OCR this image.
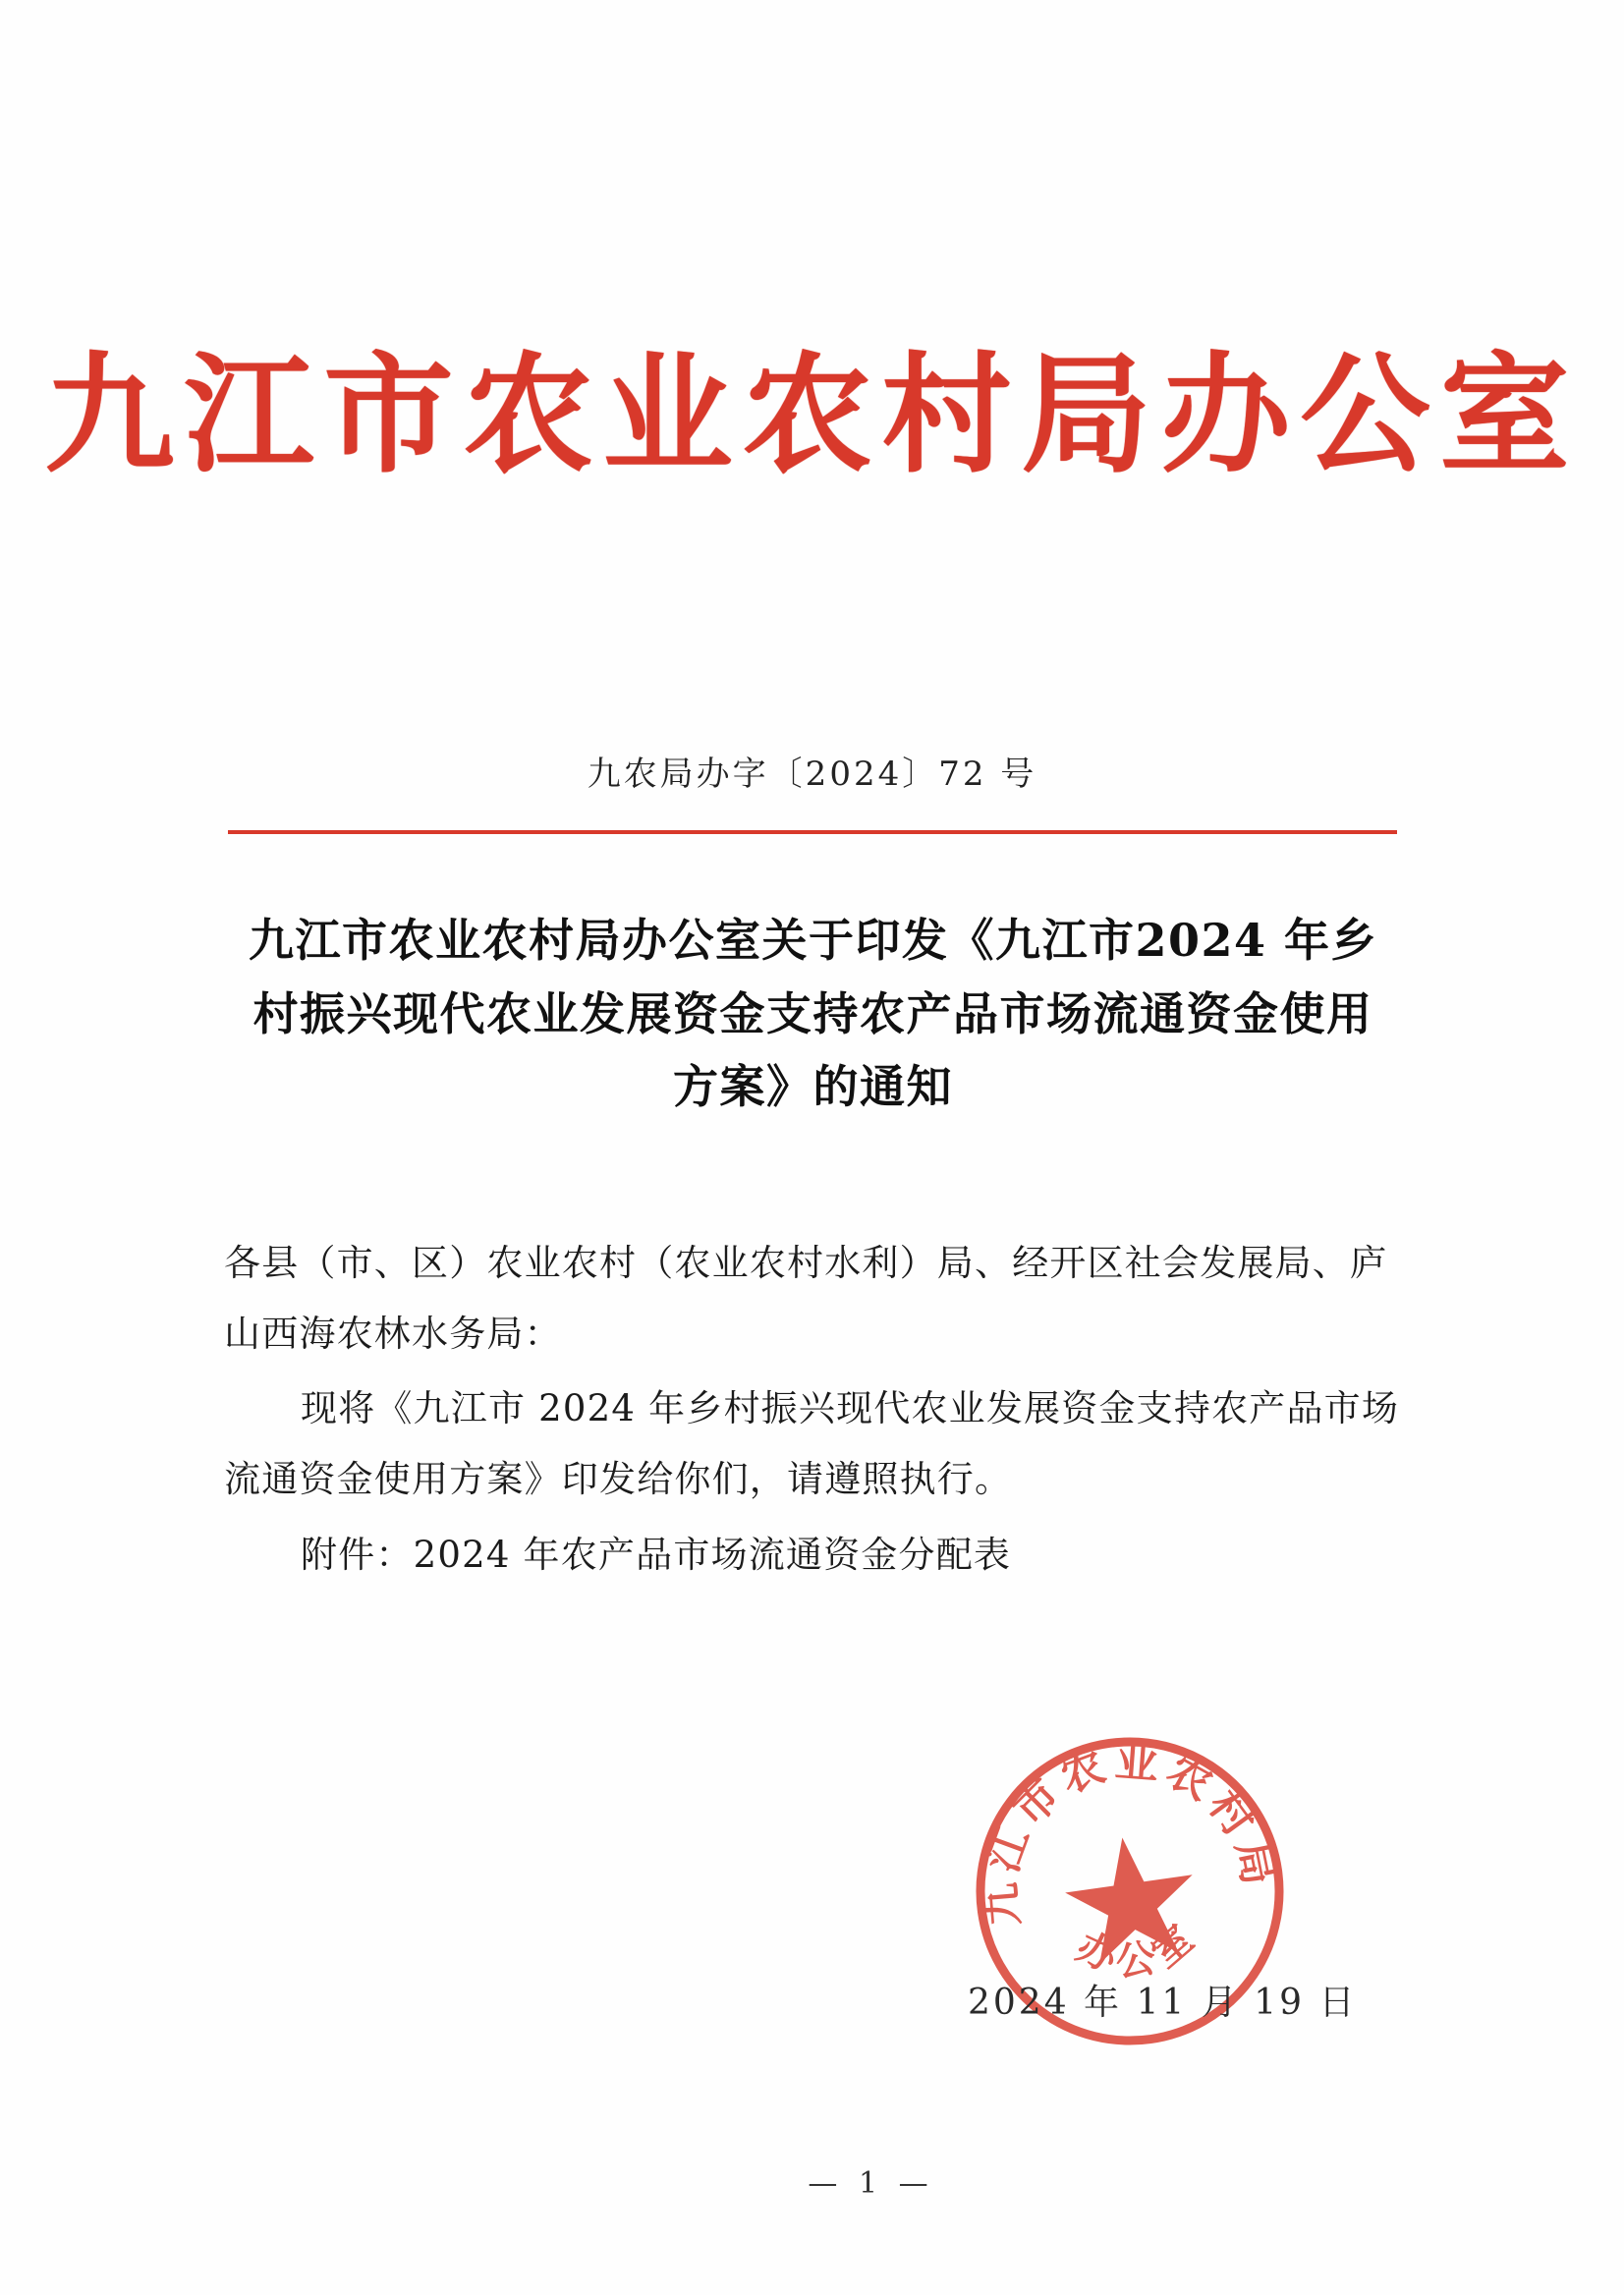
九江市农业农村局办公室
九农局办字〔2024〕72 号
九江市农业农村局办公室关于印发《九江市2024 年乡村振兴现代农业发展资金支持农产品市场流通资金使用方案》的通知

各县（市、区）农业农村（农业农村水利）局、经开区社会发展局、庐山西海农林水务局：

现将《九江市 2024 年乡村振兴现代农业发展资金支持农产品市场流通资金使用方案》印发给你们，请遵照执行。

附件：2024 年农产品市场流通资金分配表

九江市农业农村局
办公室
2024 年 11 月 19 日
— 1 —
